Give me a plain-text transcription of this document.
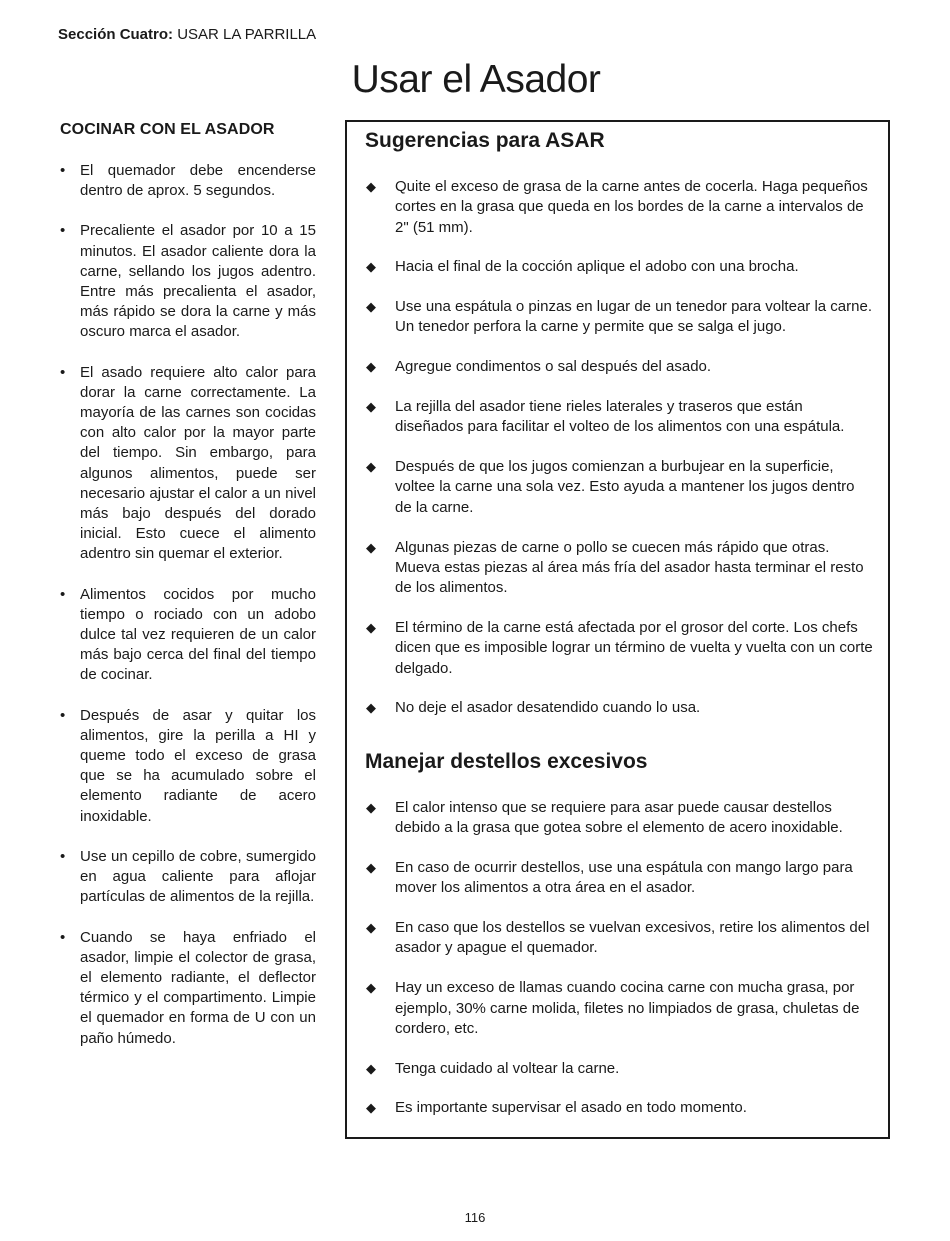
Sección Cuatro: USAR LA PARRILLA
Usar el Asador
COCINAR CON EL ASADOR
• El quemador debe encenderse dentro de aprox. 5 segundos.
• Precaliente el asador por 10 a 15 minutos. El asador caliente dora la carne, sellando los jugos adentro. Entre más precalienta el asador, más rápido se dora la carne y más oscuro marca el asador.
• El asado requiere alto calor para dorar la carne correctamente. La mayoría de las carnes son cocidas con alto calor por la mayor parte del tiempo. Sin embargo, para algunos alimentos, puede ser necesario ajustar el calor a un nivel más bajo después del dorado inicial. Esto cuece el alimento adentro sin quemar el exterior.
• Alimentos cocidos por mucho tiempo o rociado con un adobo dulce tal vez requieren de un calor más bajo cerca del final del tiempo de cocinar.
• Después de asar y quitar los alimentos, gire la perilla a HI y queme todo el exceso de grasa que se ha acumulado sobre el elemento radiante de acero inoxidable.
• Use un cepillo de cobre, sumergido en agua caliente para aflojar partículas de alimentos de la rejilla.
• Cuando se haya enfriado el asador, limpie el colector de grasa, el elemento radiante, el deflector térmico y el compartimento. Limpie el quemador en forma de U con un paño húmedo.
Sugerencias para ASAR
◆ Quite el exceso de grasa de la carne antes de cocerla. Haga pequeños cortes en la grasa que queda en los bordes de la carne a intervalos de 2" (51 mm).
◆ Hacia el final de la cocción aplique el adobo con una brocha.
◆ Use una espátula o pinzas en lugar de un tenedor para voltear la carne. Un tenedor perfora la carne y permite que se salga el jugo.
◆ Agregue condimentos o sal después del asado.
◆ La rejilla del asador tiene rieles laterales y traseros que están diseñados para facilitar el volteo de los alimentos con una espátula.
◆ Después de que los jugos comienzan a burbujear en la superficie, voltee la carne una sola vez. Esto ayuda a mantener los jugos dentro de la carne.
◆ Algunas piezas de carne o pollo se cuecen más rápido que otras. Mueva estas piezas al área más fría del asador hasta terminar el resto de los alimentos.
◆ El término de la carne está afectada por el grosor del corte. Los chefs dicen que es imposible lograr un término de vuelta y vuelta con un corte delgado.
◆ No deje el asador desatendido cuando lo usa.
Manejar destellos excesivos
◆ El calor intenso que se requiere para asar puede causar destellos debido a la grasa que gotea sobre el elemento de acero inoxidable.
◆ En caso de ocurrir destellos, use una espátula con mango largo para mover los alimentos a otra área en el asador.
◆ En caso que los destellos se vuelvan excesivos, retire los alimentos del asador y apague el quemador.
◆ Hay un exceso de llamas cuando cocina carne con mucha grasa, por ejemplo, 30% carne molida, filetes no limpiados de grasa, chuletas de cordero, etc.
◆ Tenga cuidado al voltear la carne.
◆ Es importante supervisar el asado en todo momento.
116
